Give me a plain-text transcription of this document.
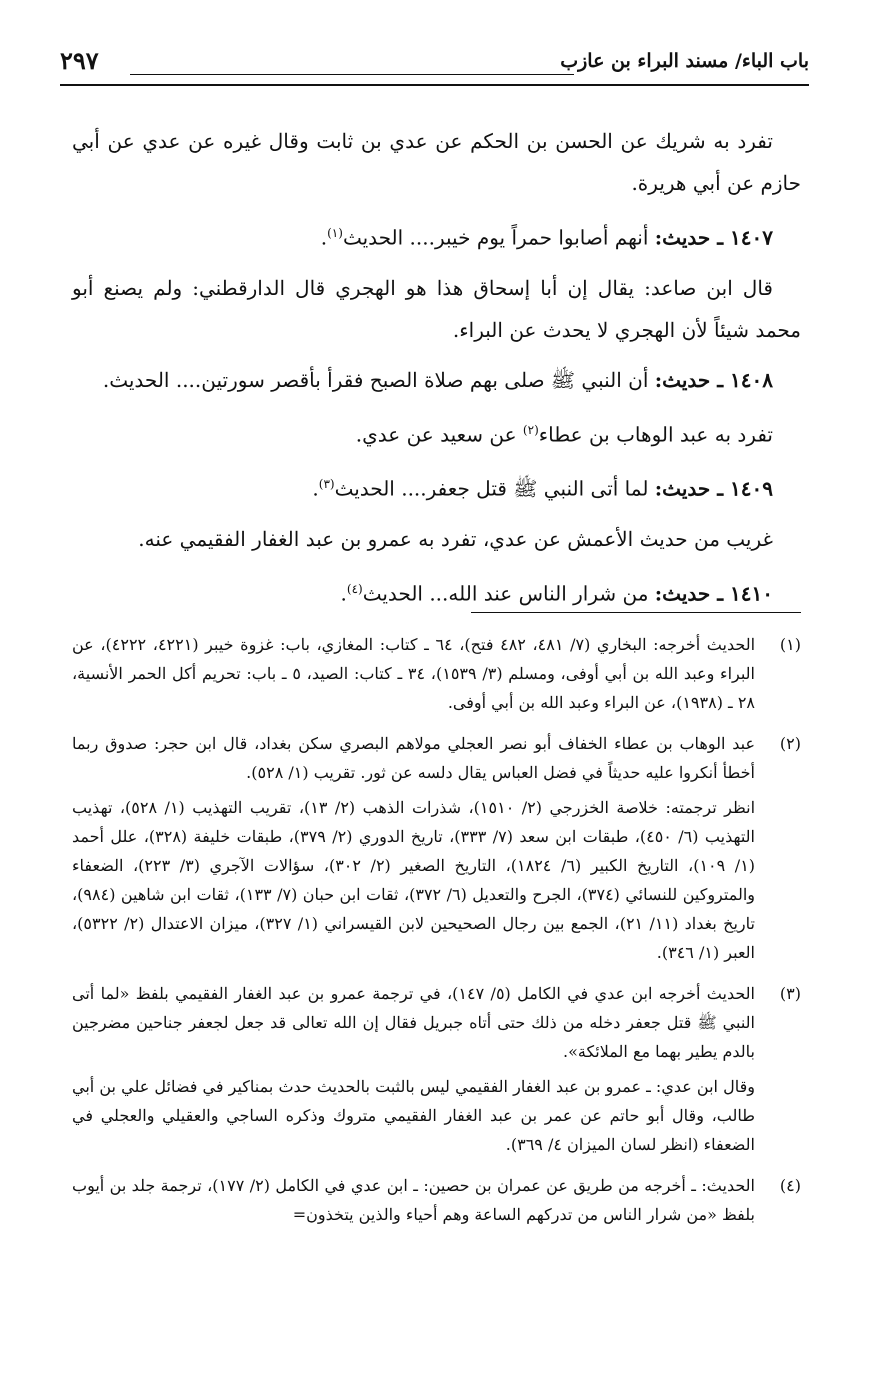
باب الباء/ مسند البراء بن عازب
٢٩٧

تفرد به شريك عن الحسن بن الحكم عن عدي بن ثابت وقال غيره عن عدي عن أبي حازم عن أبي هريرة.

١٤٠٧ ـ حديث: أنهم أصابوا حمراً يوم خيبر.... الحديث$^{(١)}$.

قال ابن صاعد: يقال إن أبا إسحاق هذا هو الهجري قال الدارقطني: ولم يصنع أبو محمد شيئاً لأن الهجري لا يحدث عن البراء.

١٤٠٨ ـ حديث: أن النبي ﷺ صلى بهم صلاة الصبح فقرأ بأقصر سورتين.... الحديث.

تفرد به عبد الوهاب بن عطاء$^{(٢)}$ عن سعيد عن عدي.

١٤٠٩ ـ حديث: لما أتى النبي ﷺ قتل جعفر.... الحديث$^{(٣)}$.

غريب من حديث الأعمش عن عدي، تفرد به عمرو بن عبد الغفار الفقيمي عنه.

١٤١٠ ـ حديث: من شرار الناس عند الله... الحديث$^{(٤)}$.

(١)

الحديث أخرجه: البخاري (٧/ ٤٨١، ٤٨٢ فتح)، ٦٤ ـ كتاب: المغازي، باب: غزوة خيبر (٤٢٢١، ٤٢٢٢)، عن البراء وعبد الله بن أبي أوفى، ومسلم (٣/ ١٥٣٩)، ٣٤ ـ كتاب: الصيد، ٥ ـ باب: تحريم أكل الحمر الأنسية، ٢٨ ـ (١٩٣٨)، عن البراء وعبد الله بن أبي أوفى.

(٢)

عبد الوهاب بن عطاء الخفاف أبو نصر العجلي مولاهم البصري سكن بغداد، قال ابن حجر: صدوق ربما أخطأ أنكروا عليه حديثاً في فضل العباس يقال دلسه عن ثور. تقريب (١/ ٥٢٨).

انظر ترجمته: خلاصة الخزرجي (٢/ ١٥١٠)، شذرات الذهب (٢/ ١٣)، تقريب التهذيب (١/ ٥٢٨)، تهذيب التهذيب (٦/ ٤٥٠)، طبقات ابن سعد (٧/ ٣٣٣)، تاريخ الدوري (٢/ ٣٧٩)، طبقات خليفة (٣٢٨)، علل أحمد (١/ ١٠٩)، التاريخ الكبير (٦/ ١٨٢٤)، التاريخ الصغير (٢/ ٣٠٢)، سؤالات الآجري (٣/ ٢٢٣)، الضعفاء والمتروكين للنسائي (٣٧٤)، الجرح والتعديل (٦/ ٣٧٢)، ثقات ابن حبان (٧/ ١٣٣)، ثقات ابن شاهين (٩٨٤)، تاريخ بغداد (١١/ ٢١)، الجمع بين رجال الصحيحين لابن القيسراني (١/ ٣٢٧)، ميزان الاعتدال (٢/ ٥٣٢٢)، العبر (١/ ٣٤٦).

(٣)

الحديث أخرجه ابن عدي في الكامل (٥/ ١٤٧)، في ترجمة عمرو بن عبد الغفار الفقيمي بلفظ «لما أتى النبي ﷺ قتل جعفر دخله من ذلك حتى أتاه جبريل فقال إن الله تعالى قد جعل لجعفر جناحين مضرجين بالدم يطير بهما مع الملائكة».

وقال ابن عدي: ـ عمرو بن عبد الغفار الفقيمي ليس بالثبت بالحديث حدث بمناكير في فضائل علي بن أبي طالب، وقال أبو حاتم عن عمر بن عبد الغفار الفقيمي متروك وذكره الساجي والعقيلي والعجلي في الضعفاء (انظر لسان الميزان ٤/ ٣٦٩).

(٤)

الحديث: ـ أخرجه من طريق عن عمران بن حصين: ـ ابن عدي في الكامل (٢/ ١٧٧)، ترجمة جلد بن أيوب بلفظ «من شرار الناس من تدركهم الساعة وهم أحياء والذين يتخذون=
